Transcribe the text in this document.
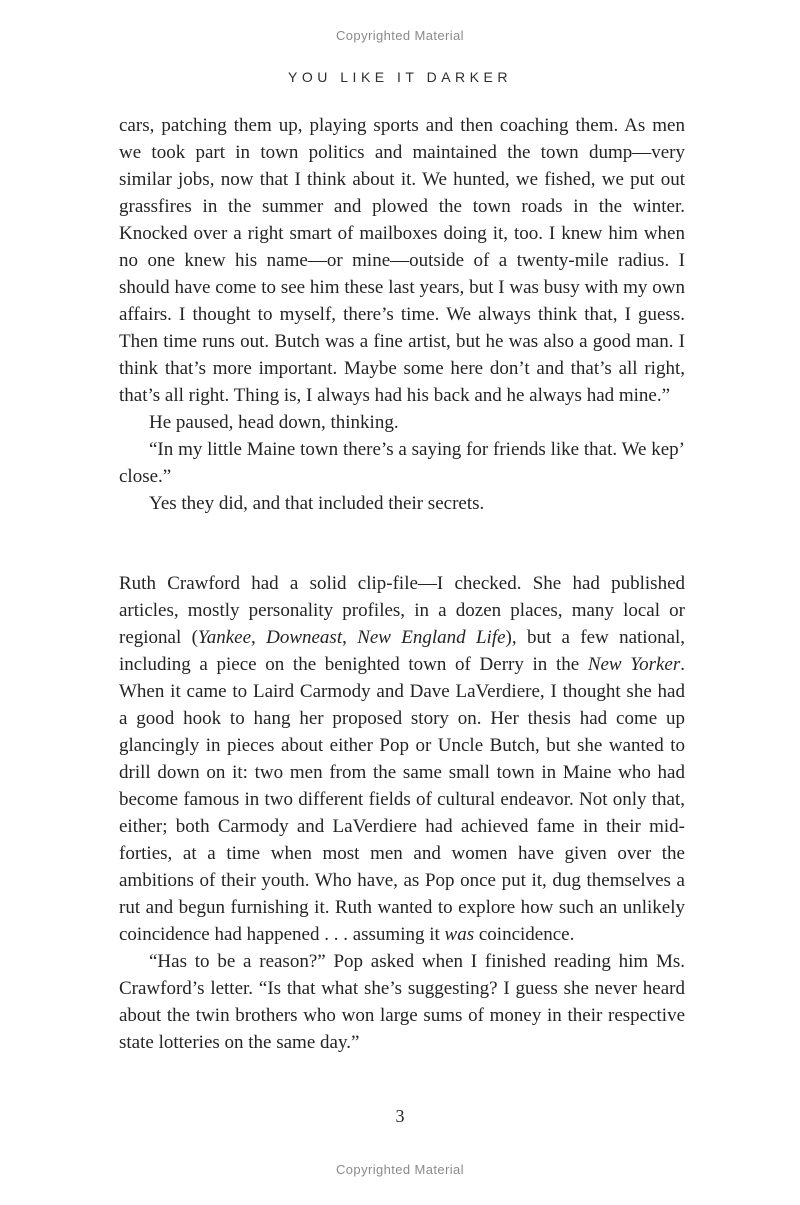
Copyrighted Material
YOU LIKE IT DARKER

cars, patching them up, playing sports and then coaching them. As men we took part in town politics and maintained the town dump—very similar jobs, now that I think about it. We hunted, we fished, we put out grassfires in the summer and plowed the town roads in the winter. Knocked over a right smart of mailboxes doing it, too. I knew him when no one knew his name—or mine—outside of a twenty-mile radius. I should have come to see him these last years, but I was busy with my own affairs. I thought to myself, there’s time. We always think that, I guess. Then time runs out. Butch was a fine artist, but he was also a good man. I think that’s more important. Maybe some here don’t and that’s all right, that’s all right. Thing is, I always had his back and he always had mine.”

He paused, head down, thinking.

“In my little Maine town there’s a saying for friends like that. We kep’ close.”

Yes they did, and that included their secrets.

Ruth Crawford had a solid clip-file—I checked. She had published articles, mostly personality profiles, in a dozen places, many local or regional (Yankee, Downeast, New England Life), but a few national, including a piece on the benighted town of Derry in the New Yorker. When it came to Laird Carmody and Dave LaVerdiere, I thought she had a good hook to hang her proposed story on. Her thesis had come up glancingly in pieces about either Pop or Uncle Butch, but she wanted to drill down on it: two men from the same small town in Maine who had become famous in two different fields of cultural endeavor. Not only that, either; both Carmody and LaVerdiere had achieved fame in their mid-forties, at a time when most men and women have given over the ambitions of their youth. Who have, as Pop once put it, dug themselves a rut and begun furnishing it. Ruth wanted to explore how such an unlikely coincidence had happened . . . assuming it was coincidence.

“Has to be a reason?” Pop asked when I finished reading him Ms. Crawford’s letter. “Is that what she’s suggesting? I guess she never heard about the twin brothers who won large sums of money in their respective state lotteries on the same day.”

3
Copyrighted Material
